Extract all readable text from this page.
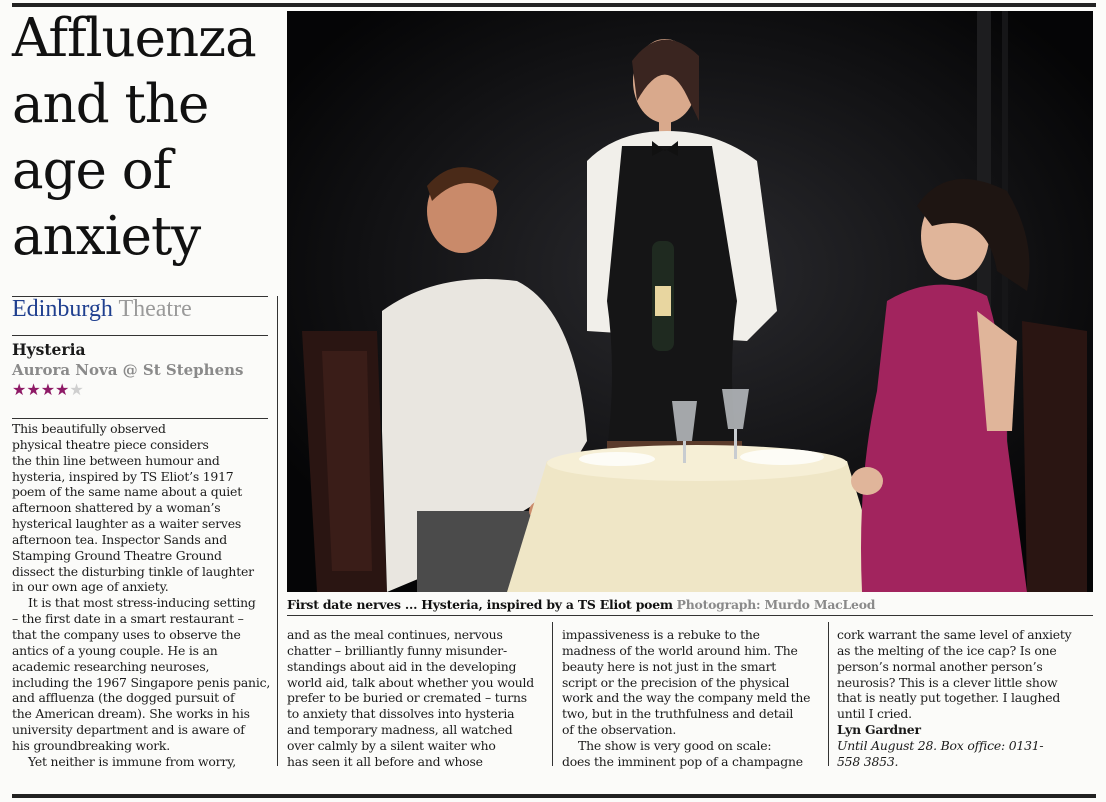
Affluenza
and the
age of
anxiety
Edinburgh Theatre
Hysteria
Aurora Nova @ St Stephens
★★★★★
This beautifully observed
physical theatre piece considers
the thin line between humour and
hysteria, inspired by TS Eliot’s 1917
poem of the same name about a quiet
afternoon shattered by a woman’s
hysterical laughter as a waiter serves
afternoon tea. Inspector Sands and
Stamping Ground Theatre Ground
dissect the disturbing tinkle of laughter
in our own age of anxiety.
It is that most stress-inducing setting
– the first date in a smart restaurant –
that the company uses to observe the
antics of a young couple. He is an
academic researching neuroses,
including the 1967 Singapore penis panic,
and affluenza (the dogged pursuit of
the American dream). She works in his
university department and is aware of
his groundbreaking work.
Yet neither is immune from worry,
First date nerves ... Hysteria, inspired by a TS Eliot poem Photograph: Murdo MacLeod
and as the meal continues, nervous
chatter – brilliantly funny misunder-
standings about aid in the developing
world aid, talk about whether you would
prefer to be buried or cremated – turns
to anxiety that dissolves into hysteria
and temporary madness, all watched
over calmly by a silent waiter who
has seen it all before and whose
impassiveness is a rebuke to the
madness of the world around him. The
beauty here is not just in the smart
script or the precision of the physical
work and the way the company meld the
two, but in the truthfulness and detail
of the observation.
The show is very good on scale:
does the imminent pop of a champagne
cork warrant the same level of anxiety
as the melting of the ice cap? Is one
person’s normal another person’s
neurosis? This is a clever little show
that is neatly put together. I laughed
until I cried.
Lyn Gardner
Until August 28. Box office: 0131-
558 3853.
